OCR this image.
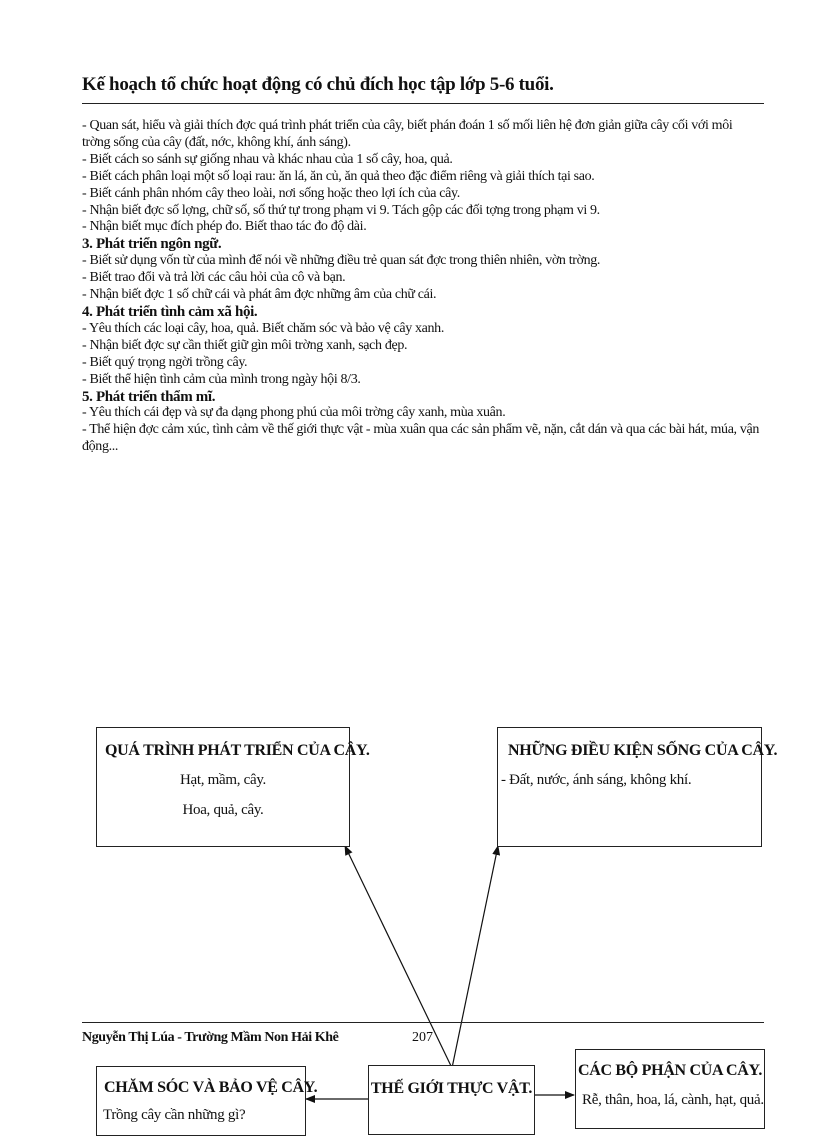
Kế hoạch tổ chức hoạt động có chủ đích học tập lớp 5-6 tuổi.

- Quan sát, hiểu và giải thích đợc quá trình phát triển của cây, biết phán đoán 1 số mối liên hệ đơn giản giữa cây cối với môi

trờng sống của cây (đất, nớc, không khí, ánh sáng).

- Biết cách so sánh sự giống nhau và khác nhau của 1 số cây, hoa, quả.

- Biết cách phân loại một số loại rau: ăn lá, ăn củ, ăn quả theo đặc điểm riêng và giải thích tại sao.

- Biết cánh phân nhóm cây theo loài, nơi sống hoặc theo lợi ích của cây.

- Nhận biết đợc số lợng, chữ số, số thứ tự trong phạm vi 9. Tách gộp các đối tợng trong phạm vi 9.

- Nhận biết mục đích phép đo. Biết thao tác đo độ dài.

3. Phát triển ngôn ngữ.

- Biết sử dụng vốn từ của mình để nói về những điều trẻ quan sát đợc trong thiên nhiên, vờn trờng.

- Biết trao đổi và trả lời các câu hỏi của cô và bạn.

- Nhận biết đợc 1 số chữ cái và phát âm đợc những âm của chữ cái.

4. Phát triển tình cảm xã hội.

- Yêu thích các loại cây, hoa, quả. Biết chăm sóc và bảo vệ cây xanh.

- Nhận biết đợc sự cần thiết giữ gìn môi trờng xanh, sạch đẹp.

- Biết quý trọng ngời trồng cây.

- Biết thể hiện tình cảm của mình trong ngày hội 8/3.

5. Phát triển thẩm mĩ.

- Yêu thích cái đẹp và sự đa dạng phong phú của môi trờng cây xanh, mùa xuân.

- Thể hiện đợc cảm xúc, tình cảm về thế giới thực vật - mùa xuân qua các sản phẩm vẽ, nặn, cắt dán và qua các bài hát, múa, vận

động...

QUÁ TRÌNH PHÁT TRIỂN CỦA CÂY.
Hạt, mầm, cây.
Hoa, quả, cây.
NHỮNG ĐIỀU KIỆN SỐNG CỦA CÂY.
- Đất, nước, ánh sáng, không khí.
Nguyễn Thị Lúa - Trường Mầm Non Hải Khê	207
CHĂM SÓC VÀ BẢO VỆ CÂY.
Trồng cây cần những gì?
THẾ GIỚI THỰC VẬT.
CÁC BỘ PHẬN CỦA CÂY.
Rễ, thân, hoa, lá, cành, hạt, quả.
